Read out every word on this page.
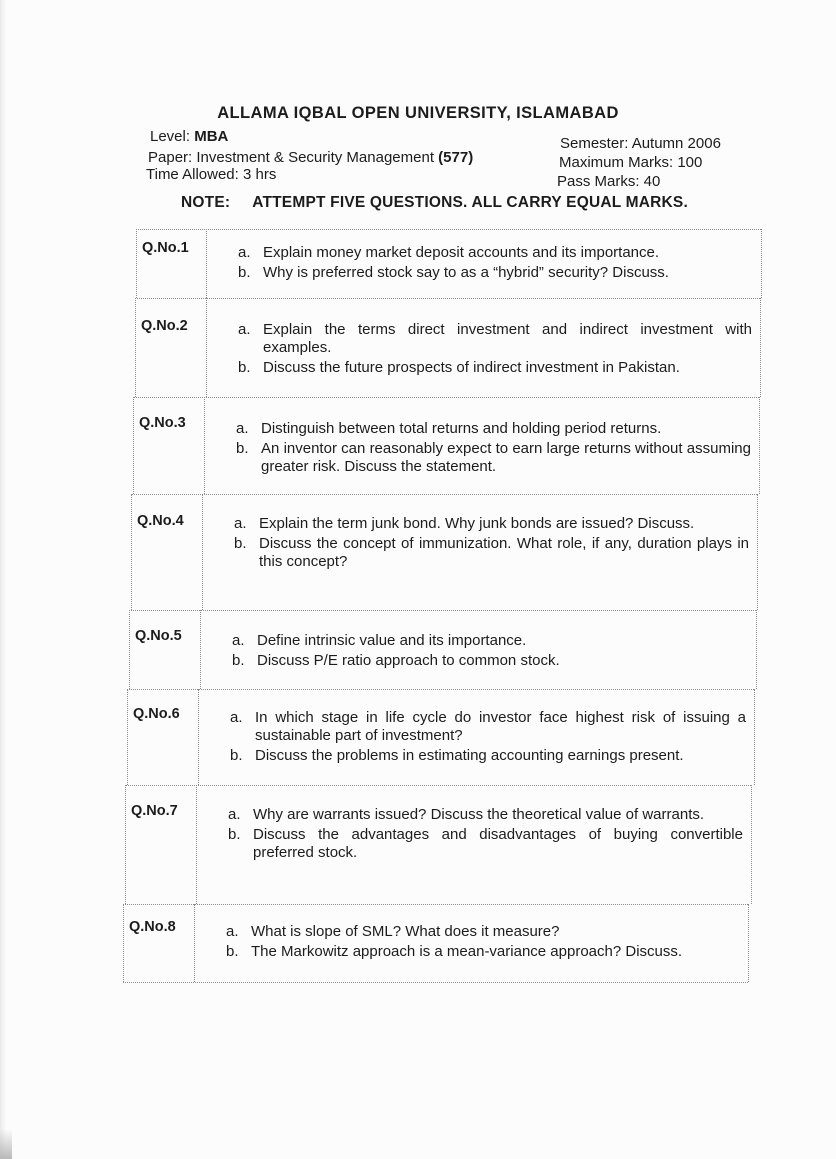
ALLAMA IQBAL OPEN UNIVERSITY, ISLAMABAD
Level: MBA
Paper: Investment & Security Management (577)
Time Allowed: 3 hrs
Semester: Autumn 2006
Maximum Marks: 100
Pass Marks: 40
NOTE: ATTEMPT FIVE QUESTIONS. ALL CARRY EQUAL MARKS.
Q.No.1	a. Explain money market deposit accounts and its importance.
b. Why is preferred stock say to as a “hybrid” security? Discuss.
Q.No.2	a. Explain the terms direct investment and indirect investment with examples.
b. Discuss the future prospects of indirect investment in Pakistan.
Q.No.3	a. Distinguish between total returns and holding period returns.
b. An inventor can reasonably expect to earn large returns without assuming greater risk. Discuss the statement.
Q.No.4	a. Explain the term junk bond. Why junk bonds are issued? Discuss.
b. Discuss the concept of immunization. What role, if any, duration plays in this concept?
Q.No.5	a. Define intrinsic value and its importance.
b. Discuss P/E ratio approach to common stock.
Q.No.6	a. In which stage in life cycle do investor face highest risk of issuing a sustainable part of investment?
b. Discuss the problems in estimating accounting earnings present.
Q.No.7	a. Why are warrants issued? Discuss the theoretical value of warrants.
b. Discuss the advantages and disadvantages of buying convertible preferred stock.
Q.No.8	a. What is slope of SML? What does it measure?
b. The Markowitz approach is a mean-variance approach? Discuss.
